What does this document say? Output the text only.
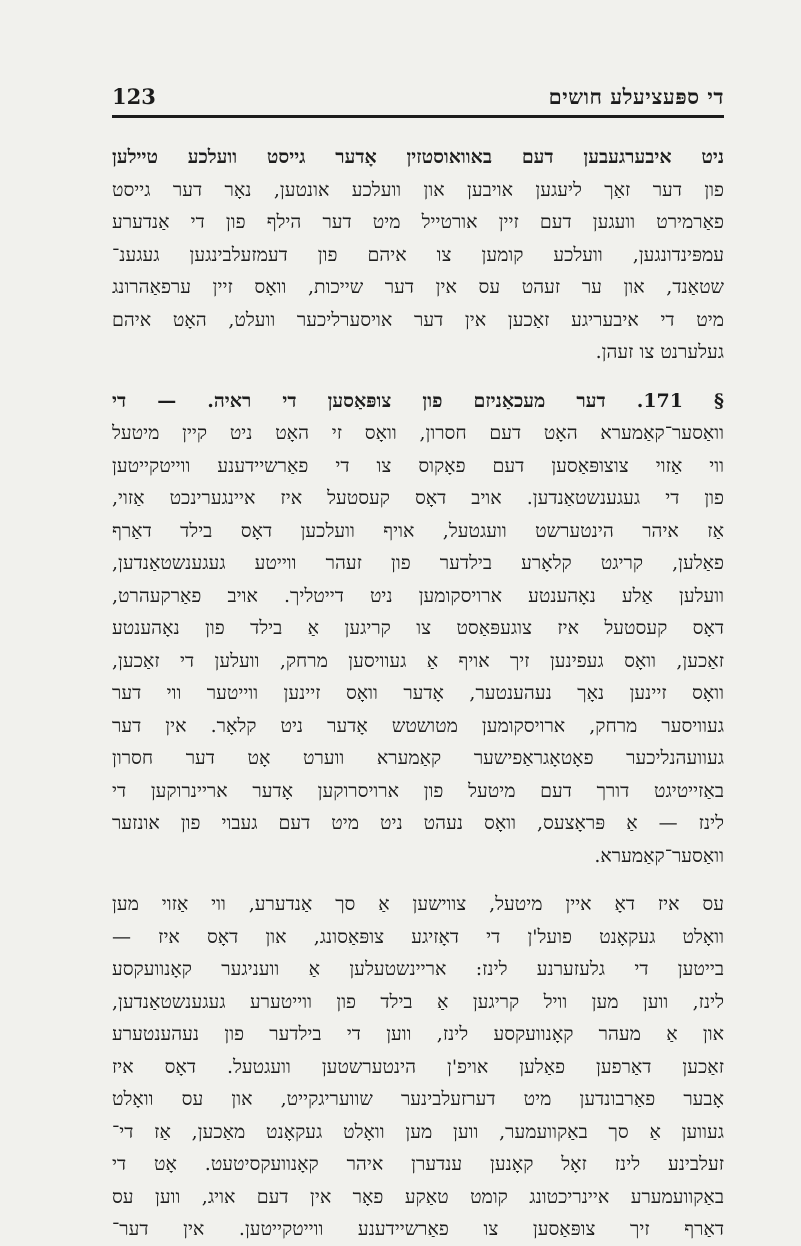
די ספּעציעלע חושים
123
ניט איבערגעבען דעם באוואוסטזין אָדער גייסט וועלכע טיילען
פון דער זאַך ליעגען אויבען און וועלכע אונטען, נאָר דער גייסט
פאַרמירט וועגען דעם זיין אורטייל מיט דער הילף פון די אַנדערע
עמפּינדונגען, וועלכע קומען צו איהם פון דעמזעלבינגען געגענ־
שטאַנד, און ער זעהט עס אין דער שייכות, וואָס זיין ערפאַהרונג
מיט די איבעריגע זאַכען אין דער אויסערליכער וועלט, האָט איהם
געלערנט צו זעהן.
§ 171. דער מעכאַניזם פון צופּאַסען די ראיה. — די
וואַסער־קאַמערא האָט דעם חסרון, וואָס זי האָט ניט קיין מיטעל
ווי אַזוי צוצופּאַסען דעם פאָקוס צו די פאַרשיידענע ווייטקייטען
פון די געגענשטאַנדען. אויב דאָס קעסטעל איז איינגערינכט אַזוי,
אַז איהר הינטערשט וועגטעל, אויף וועלכען דאָס בילד דאַרף
פאַלען, קריגט קלאָרע בילדער פון זעהר ווייטע געגענשטאַנדען,
וועלען אַלע נאָהענטע ארויסקומען ניט דייטליך. אויב פאַרקעהרט,
דאָס קעסטעל איז צוגעפּאַסט צו קריגען אַ בילד פון נאָהענטע
זאַכען, וואָס געפינען זיך אויף אַ געוויסען מרחק, וועלען די זאַכען,
וואָס זיינען נאָך נעהענטער, אָדער וואָס זיינען ווייטער ווי דער
געוויסער מרחק, ארויסקומען מטושטש אָדער ניט קלאָר. אין דער
געוועהנליכער פאָטאָגראַפישער קאַמערא ווערט אָט דער חסרון
באַזייטיגט דורך דעם מיטעל פון ארויסרוקען אָדער אריינרוקען די
לינז — אַ פּראָצעס, וואָס נעהט ניט מיט דעם געבוי פון אונזער
וואַסער־קאַמערא.
עס איז דאָ איין מיטעל, צווישען אַ סך אַנדערע, ווי אַזוי מען
וואָלט געקאָנט פועל'ן די דאָזיגע צופּאַסונג, און דאָס איז —
בייטען די גלעזערנע לינז: אריינשטעלען אַ וועניגער קאָנוועקסע
לינז, ווען מען וויל קריגען אַ בילד פון ווייטערע געגענשטאַנדען,
און אַ מעהר קאָנוועקסע לינז, ווען די בילדער פון נעהענטערע
זאַכען דאַרפען פאַלען אויפ'ן הינטערשטען וועגטעל. דאָס איז
אָבער פאַרבונדען מיט דערזעלבינער שוועריגקייט, און עס וואָלט
געווען אַ סך באַקוועמער, ווען מען וואָלט געקאָנט מאַכען, אַז די־
זעלבינע לינז זאָל קאָנען ענדערן איהר קאָנוועקסיטעט. אָט די
באַקוועמערע איינריכטונג קומט טאַקע פאָר אין דעם אויג, ווען עס
דאַרף זיך צופּאַסען צו פאַרשיידענע ווייטקייטען. אין דער־
